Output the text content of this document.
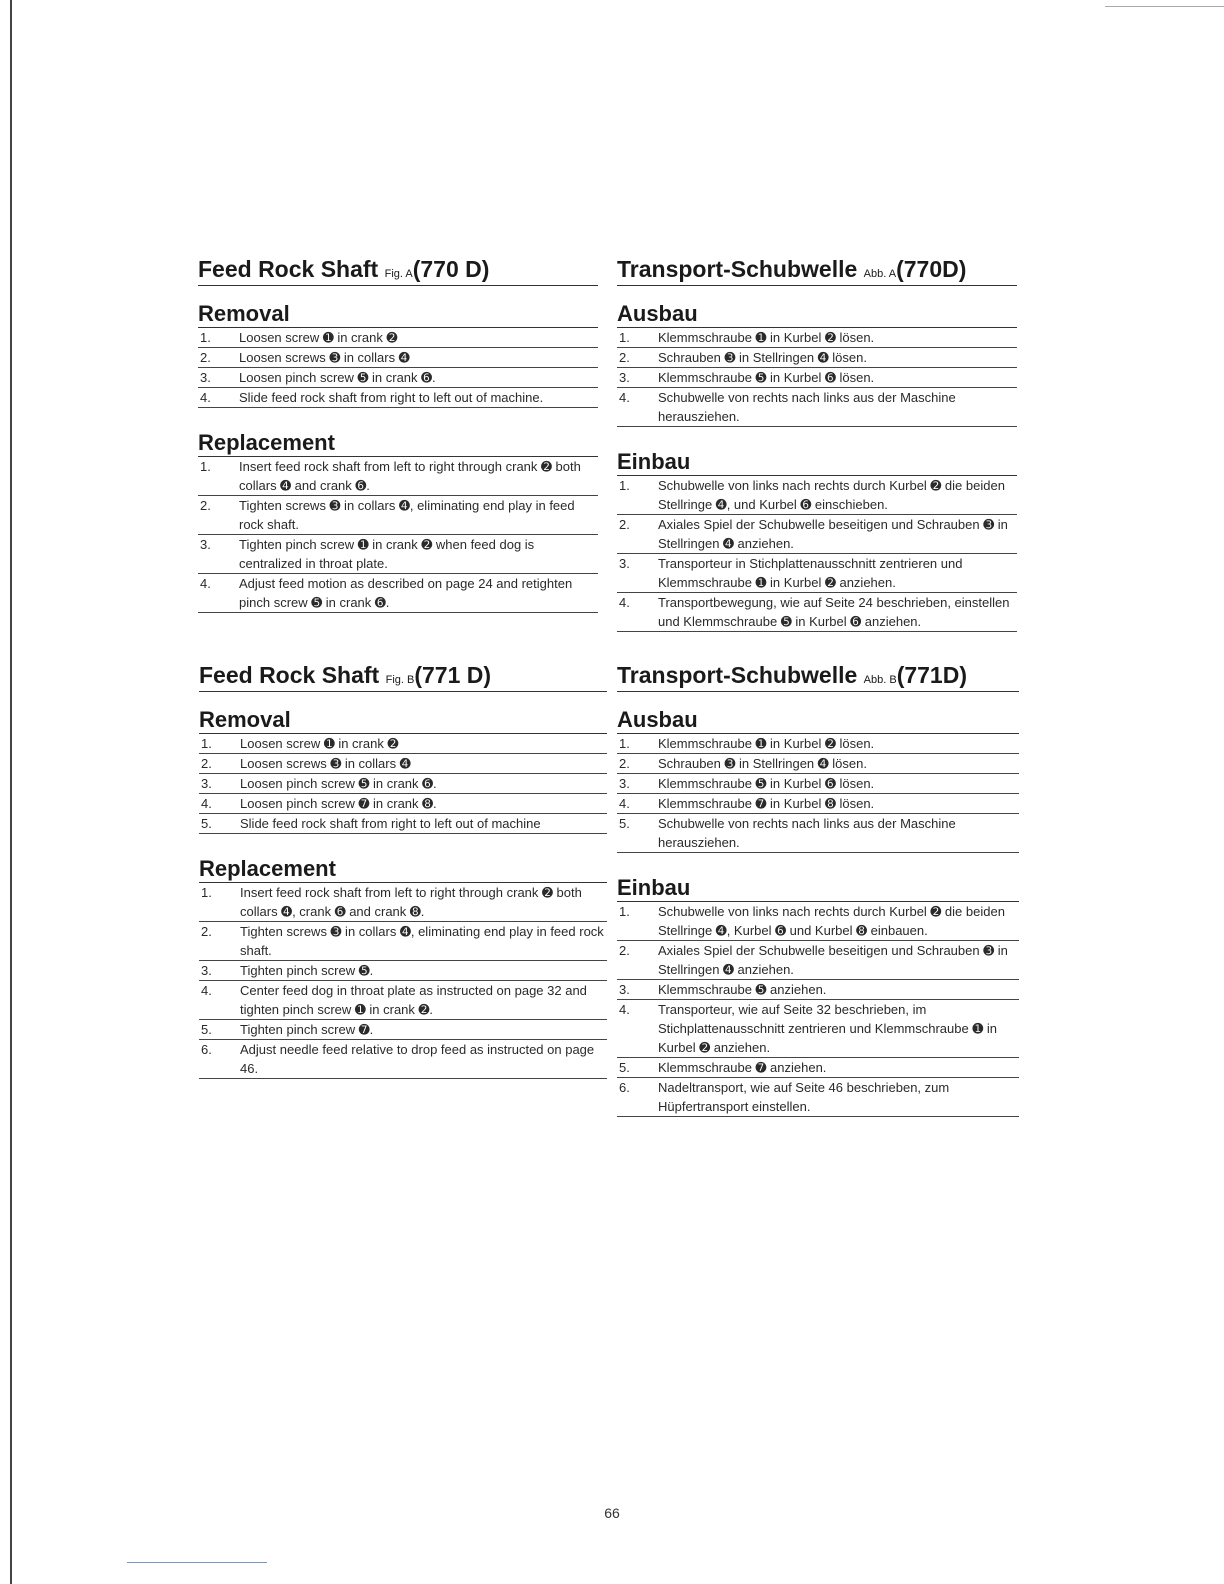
Feed Rock Shaft Fig. A(770 D)
Removal
1.	Loosen screw ➊ in crank ➋
2.	Loosen screws ➌ in collars ➍
3.	Loosen pinch screw ➎ in crank ➏.
4.	Slide feed rock shaft from right to left out of machine.
Replacement
1.	Insert feed rock shaft from left to right through crank ➋ both collars ➍ and crank ➏.
2.	Tighten screws ➌ in collars ➍, eliminating end play in feed rock shaft.
3.	Tighten pinch screw ➊ in crank ➋ when feed dog is centralized in throat plate.
4.	Adjust feed motion as described on page 24 and retighten pinch screw ➎ in crank ➏.
Feed Rock Shaft Fig. B(771 D)
Removal
1.	Loosen screw ➊ in crank ➋
2.	Loosen screws ➌ in collars ➍
3.	Loosen pinch screw ➎ in crank ➏.
4.	Loosen pinch screw ➐ in crank ➑.
5.	Slide feed rock shaft from right to left out of machine
Replacement
1.	Insert feed rock shaft from left to right through crank ➋ both collars ➍, crank ➏ and crank ➑.
2.	Tighten screws ➌ in collars ➍, eliminating end play in feed rock shaft.
3.	Tighten pinch screw ➎.
4.	Center feed dog in throat plate as instructed on page 32 and tighten pinch screw ➊ in crank ➋.
5.	Tighten pinch screw ➐.
6.	Adjust needle feed relative to drop feed as instructed on page 46.
Transport-Schubwelle Abb. A(770D)
Ausbau
1.	Klemmschraube ➊ in Kurbel ➋ lösen.
2.	Schrauben ➌ in Stellringen ➍ lösen.
3.	Klemmschraube ➎ in Kurbel ➏ lösen.
4.	Schubwelle von rechts nach links aus der Maschine herausziehen.
Einbau
1.	Schubwelle von links nach rechts durch Kurbel ➋ die beiden Stellringe ➍, und Kurbel ➏ einschieben.
2.	Axiales Spiel der Schubwelle beseitigen und Schrauben ➌ in Stellringen ➍ anziehen.
3.	Transporteur in Stichplattenausschnitt zentrieren und Klemmschraube ➊ in Kurbel ➋ anziehen.
4.	Transportbewegung, wie auf Seite 24 beschrieben, einstellen und Klemmschraube ➎ in Kurbel ➏ anziehen.
Transport-Schubwelle Abb. B(771D)
Ausbau
1.	Klemmschraube ➊ in Kurbel ➋ lösen.
2.	Schrauben ➌ in Stellringen ➍ lösen.
3.	Klemmschraube ➎ in Kurbel ➏ lösen.
4.	Klemmschraube ➐ in Kurbel ➑ lösen.
5.	Schubwelle von rechts nach links aus der Maschine herausziehen.
Einbau
1.	Schubwelle von links nach rechts durch Kurbel ➋ die beiden Stellringe ➍, Kurbel ➏ und Kurbel ➑ einbauen.
2.	Axiales Spiel der Schubwelle beseitigen und Schrauben ➌ in Stellringen ➍ anziehen.
3.	Klemmschraube ➎ anziehen.
4.	Transporteur, wie auf Seite 32 beschrieben, im Stichplattenausschnitt zentrieren und Klemmschraube ➊ in Kurbel ➋ anziehen.
5.	Klemmschraube ➐ anziehen.
6.	Nadeltransport, wie auf Seite 46 beschrieben, zum Hüpfertransport einstellen.
66
